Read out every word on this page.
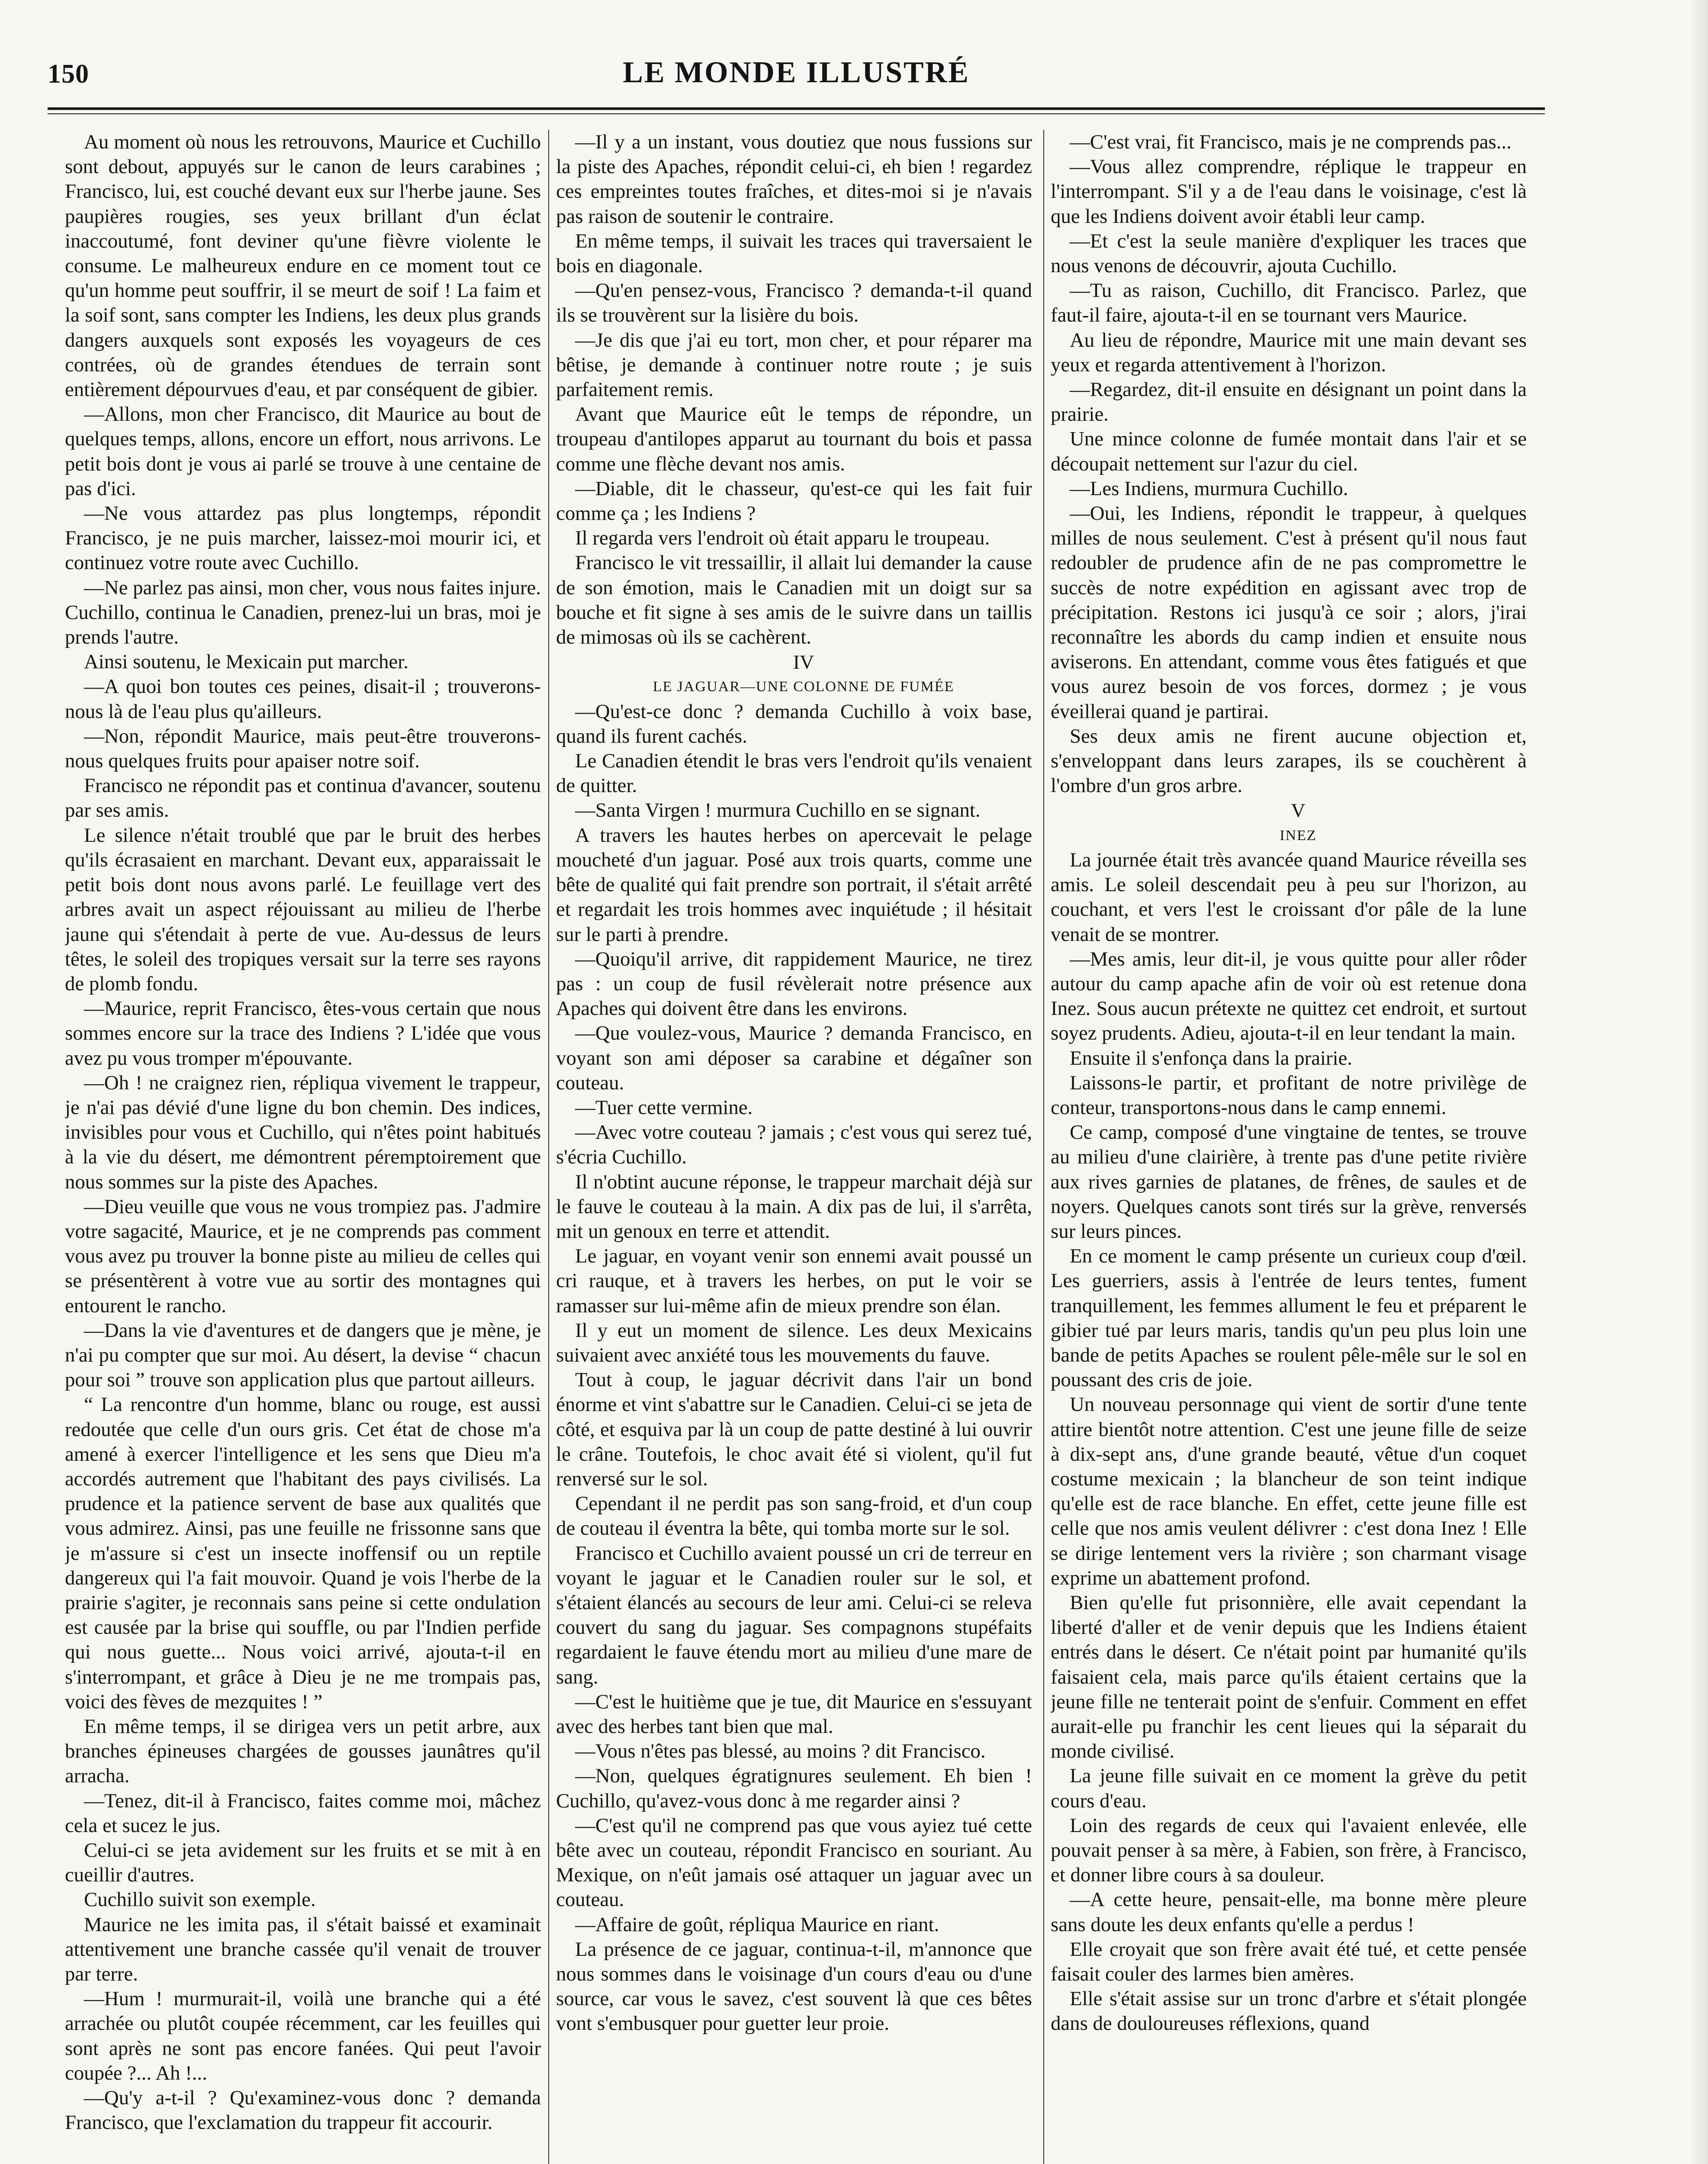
150	LE MONDE ILLUSTRÉ

Au moment où nous les retrouvons, Maurice et Cuchillo sont debout, appuyés sur le canon de leurs carabines ; Francisco, lui, est couché devant eux sur l'herbe jaune. Ses paupières rougies, ses yeux brillant d'un éclat inaccoutumé, font deviner qu'une fièvre violente le consume. Le malheureux endure en ce moment tout ce qu'un homme peut souffrir, il se meurt de soif ! La faim et la soif sont, sans compter les Indiens, les deux plus grands dangers auxquels sont exposés les voyageurs de ces contrées, où de grandes étendues de terrain sont entièrement dépourvues d'eau, et par conséquent de gibier.

—Allons, mon cher Francisco, dit Maurice au bout de quelques temps, allons, encore un effort, nous arrivons. Le petit bois dont je vous ai parlé se trouve à une centaine de pas d'ici.

—Ne vous attardez pas plus longtemps, répondit Francisco, je ne puis marcher, laissez-moi mourir ici, et continuez votre route avec Cuchillo.

—Ne parlez pas ainsi, mon cher, vous nous faites injure. Cuchillo, continua le Canadien, prenez-lui un bras, moi je prends l'autre.

Ainsi soutenu, le Mexicain put marcher.

—A quoi bon toutes ces peines, disait-il ; trouverons-nous là de l'eau plus qu'ailleurs.

—Non, répondit Maurice, mais peut-être trouverons-nous quelques fruits pour apaiser notre soif.

Francisco ne répondit pas et continua d'avancer, soutenu par ses amis.

Le silence n'était troublé que par le bruit des herbes qu'ils écrasaient en marchant. Devant eux, apparaissait le petit bois dont nous avons parlé. Le feuillage vert des arbres avait un aspect réjouissant au milieu de l'herbe jaune qui s'étendait à perte de vue. Au-dessus de leurs têtes, le soleil des tropiques versait sur la terre ses rayons de plomb fondu.

—Maurice, reprit Francisco, êtes-vous certain que nous sommes encore sur la trace des Indiens ? L'idée que vous avez pu vous tromper m'épouvante.

—Oh ! ne craignez rien, répliqua vivement le trappeur, je n'ai pas dévié d'une ligne du bon chemin. Des indices, invisibles pour vous et Cuchillo, qui n'êtes point habitués à la vie du désert, me démontrent péremptoirement que nous sommes sur la piste des Apaches.

—Dieu veuille que vous ne vous trompiez pas. J'admire votre sagacité, Maurice, et je ne comprends pas comment vous avez pu trouver la bonne piste au milieu de celles qui se présentèrent à votre vue au sortir des montagnes qui entourent le rancho.

—Dans la vie d'aventures et de dangers que je mène, je n'ai pu compter que sur moi. Au désert, la devise “ chacun pour soi ” trouve son application plus que partout ailleurs.

“ La rencontre d'un homme, blanc ou rouge, est aussi redoutée que celle d'un ours gris. Cet état de chose m'a amené à exercer l'intelligence et les sens que Dieu m'a accordés autrement que l'habitant des pays civilisés. La prudence et la patience servent de base aux qualités que vous admirez. Ainsi, pas une feuille ne frissonne sans que je m'assure si c'est un insecte inoffensif ou un reptile dangereux qui l'a fait mouvoir. Quand je vois l'herbe de la prairie s'agiter, je reconnais sans peine si cette ondulation est causée par la brise qui souffle, ou par l'Indien perfide qui nous guette... Nous voici arrivé, ajouta-t-il en s'interrompant, et grâce à Dieu je ne me trompais pas, voici des fèves de mezquites ! ”

En même temps, il se dirigea vers un petit arbre, aux branches épineuses chargées de gousses jaunâtres qu'il arracha.

—Tenez, dit-il à Francisco, faites comme moi, mâchez cela et sucez le jus.

Celui-ci se jeta avidement sur les fruits et se mit à en cueillir d'autres.

Cuchillo suivit son exemple.

Maurice ne les imita pas, il s'était baissé et examinait attentivement une branche cassée qu'il venait de trouver par terre.

—Hum ! murmurait-il, voilà une branche qui a été arrachée ou plutôt coupée récemment, car les feuilles qui sont après ne sont pas encore fanées. Qui peut l'avoir coupée ?... Ah !...

—Qu'y a-t-il ? Qu'examinez-vous donc ? demanda Francisco, que l'exclamation du trappeur fit accourir.

—Il y a un instant, vous doutiez que nous fussions sur la piste des Apaches, répondit celui-ci, eh bien ! regardez ces empreintes toutes fraîches, et dites-moi si je n'avais pas raison de soutenir le contraire.

En même temps, il suivait les traces qui traversaient le bois en diagonale.

—Qu'en pensez-vous, Francisco ? demanda-t-il quand ils se trouvèrent sur la lisière du bois.

—Je dis que j'ai eu tort, mon cher, et pour réparer ma bêtise, je demande à continuer notre route ; je suis parfaitement remis.

Avant que Maurice eût le temps de répondre, un troupeau d'antilopes apparut au tournant du bois et passa comme une flèche devant nos amis.

—Diable, dit le chasseur, qu'est-ce qui les fait fuir comme ça ; les Indiens ?

Il regarda vers l'endroit où était apparu le troupeau.

Francisco le vit tressaillir, il allait lui demander la cause de son émotion, mais le Canadien mit un doigt sur sa bouche et fit signe à ses amis de le suivre dans un taillis de mimosas où ils se cachèrent.

IV

LE JAGUAR—UNE COLONNE DE FUMÉE

—Qu'est-ce donc ? demanda Cuchillo à voix base, quand ils furent cachés.

Le Canadien étendit le bras vers l'endroit qu'ils venaient de quitter.

—Santa Virgen ! murmura Cuchillo en se signant.

A travers les hautes herbes on apercevait le pelage moucheté d'un jaguar. Posé aux trois quarts, comme une bête de qualité qui fait prendre son portrait, il s'était arrêté et regardait les trois hommes avec inquiétude ; il hésitait sur le parti à prendre.

—Quoiqu'il arrive, dit rappidement Maurice, ne tirez pas : un coup de fusil révèlerait notre présence aux Apaches qui doivent être dans les environs.

—Que voulez-vous, Maurice ? demanda Francisco, en voyant son ami déposer sa carabine et dégaîner son couteau.

—Tuer cette vermine.

—Avec votre couteau ? jamais ; c'est vous qui serez tué, s'écria Cuchillo.

Il n'obtint aucune réponse, le trappeur marchait déjà sur le fauve le couteau à la main. A dix pas de lui, il s'arrêta, mit un genoux en terre et attendit.

Le jaguar, en voyant venir son ennemi avait poussé un cri rauque, et à travers les herbes, on put le voir se ramasser sur lui-même afin de mieux prendre son élan.

Il y eut un moment de silence. Les deux Mexicains suivaient avec anxiété tous les mouvements du fauve.

Tout à coup, le jaguar décrivit dans l'air un bond énorme et vint s'abattre sur le Canadien. Celui-ci se jeta de côté, et esquiva par là un coup de patte destiné à lui ouvrir le crâne. Toutefois, le choc avait été si violent, qu'il fut renversé sur le sol.

Cependant il ne perdit pas son sang-froid, et d'un coup de couteau il éventra la bête, qui tomba morte sur le sol.

Francisco et Cuchillo avaient poussé un cri de terreur en voyant le jaguar et le Canadien rouler sur le sol, et s'étaient élancés au secours de leur ami. Celui-ci se releva couvert du sang du jaguar. Ses compagnons stupéfaits regardaient le fauve étendu mort au milieu d'une mare de sang.

—C'est le huitième que je tue, dit Maurice en s'essuyant avec des herbes tant bien que mal.

—Vous n'êtes pas blessé, au moins ? dit Francisco.

—Non, quelques égratignures seulement. Eh bien ! Cuchillo, qu'avez-vous donc à me regarder ainsi ?

—C'est qu'il ne comprend pas que vous ayiez tué cette bête avec un couteau, répondit Francisco en souriant. Au Mexique, on n'eût jamais osé attaquer un jaguar avec un couteau.

—Affaire de goût, répliqua Maurice en riant.

La présence de ce jaguar, continua-t-il, m'annonce que nous sommes dans le voisinage d'un cours d'eau ou d'une source, car vous le savez, c'est souvent là que ces bêtes vont s'embusquer pour guetter leur proie.

—C'est vrai, fit Francisco, mais je ne comprends pas...

—Vous allez comprendre, réplique le trappeur en l'interrompant. S'il y a de l'eau dans le voisinage, c'est là que les Indiens doivent avoir établi leur camp.

—Et c'est la seule manière d'expliquer les traces que nous venons de découvrir, ajouta Cuchillo.

—Tu as raison, Cuchillo, dit Francisco. Parlez, que faut-il faire, ajouta-t-il en se tournant vers Maurice.

Au lieu de répondre, Maurice mit une main devant ses yeux et regarda attentivement à l'horizon.

—Regardez, dit-il ensuite en désignant un point dans la prairie.

Une mince colonne de fumée montait dans l'air et se découpait nettement sur l'azur du ciel.

—Les Indiens, murmura Cuchillo.

—Oui, les Indiens, répondit le trappeur, à quelques milles de nous seulement. C'est à présent qu'il nous faut redoubler de prudence afin de ne pas compromettre le succès de notre expédition en agissant avec trop de précipitation. Restons ici jusqu'à ce soir ; alors, j'irai reconnaître les abords du camp indien et ensuite nous aviserons. En attendant, comme vous êtes fatigués et que vous aurez besoin de vos forces, dormez ; je vous éveillerai quand je partirai.

Ses deux amis ne firent aucune objection et, s'enveloppant dans leurs zarapes, ils se couchèrent à l'ombre d'un gros arbre.

V

INEZ

La journée était très avancée quand Maurice réveilla ses amis. Le soleil descendait peu à peu sur l'horizon, au couchant, et vers l'est le croissant d'or pâle de la lune venait de se montrer.

—Mes amis, leur dit-il, je vous quitte pour aller rôder autour du camp apache afin de voir où est retenue dona Inez. Sous aucun prétexte ne quittez cet endroit, et surtout soyez prudents. Adieu, ajouta-t-il en leur tendant la main.

Ensuite il s'enfonça dans la prairie.

Laissons-le partir, et profitant de notre privilège de conteur, transportons-nous dans le camp ennemi.

Ce camp, composé d'une vingtaine de tentes, se trouve au milieu d'une clairière, à trente pas d'une petite rivière aux rives garnies de platanes, de frênes, de saules et de noyers. Quelques canots sont tirés sur la grève, renversés sur leurs pinces.

En ce moment le camp présente un curieux coup d'œil. Les guerriers, assis à l'entrée de leurs tentes, fument tranquillement, les femmes allument le feu et préparent le gibier tué par leurs maris, tandis qu'un peu plus loin une bande de petits Apaches se roulent pêle-mêle sur le sol en poussant des cris de joie.

Un nouveau personnage qui vient de sortir d'une tente attire bientôt notre attention. C'est une jeune fille de seize à dix-sept ans, d'une grande beauté, vêtue d'un coquet costume mexicain ; la blancheur de son teint indique qu'elle est de race blanche. En effet, cette jeune fille est celle que nos amis veulent délivrer : c'est dona Inez ! Elle se dirige lentement vers la rivière ; son charmant visage exprime un abattement profond.

Bien qu'elle fut prisonnière, elle avait cependant la liberté d'aller et de venir depuis que les Indiens étaient entrés dans le désert. Ce n'était point par humanité qu'ils faisaient cela, mais parce qu'ils étaient certains que la jeune fille ne tenterait point de s'enfuir. Comment en effet aurait-elle pu franchir les cent lieues qui la séparait du monde civilisé.

La jeune fille suivait en ce moment la grève du petit cours d'eau.

Loin des regards de ceux qui l'avaient enlevée, elle pouvait penser à sa mère, à Fabien, son frère, à Francisco, et donner libre cours à sa douleur.

—A cette heure, pensait-elle, ma bonne mère pleure sans doute les deux enfants qu'elle a perdus !

Elle croyait que son frère avait été tué, et cette pensée faisait couler des larmes bien amères.

Elle s'était assise sur un tronc d'arbre et s'était plongée dans de douloureuses réflexions, quand
